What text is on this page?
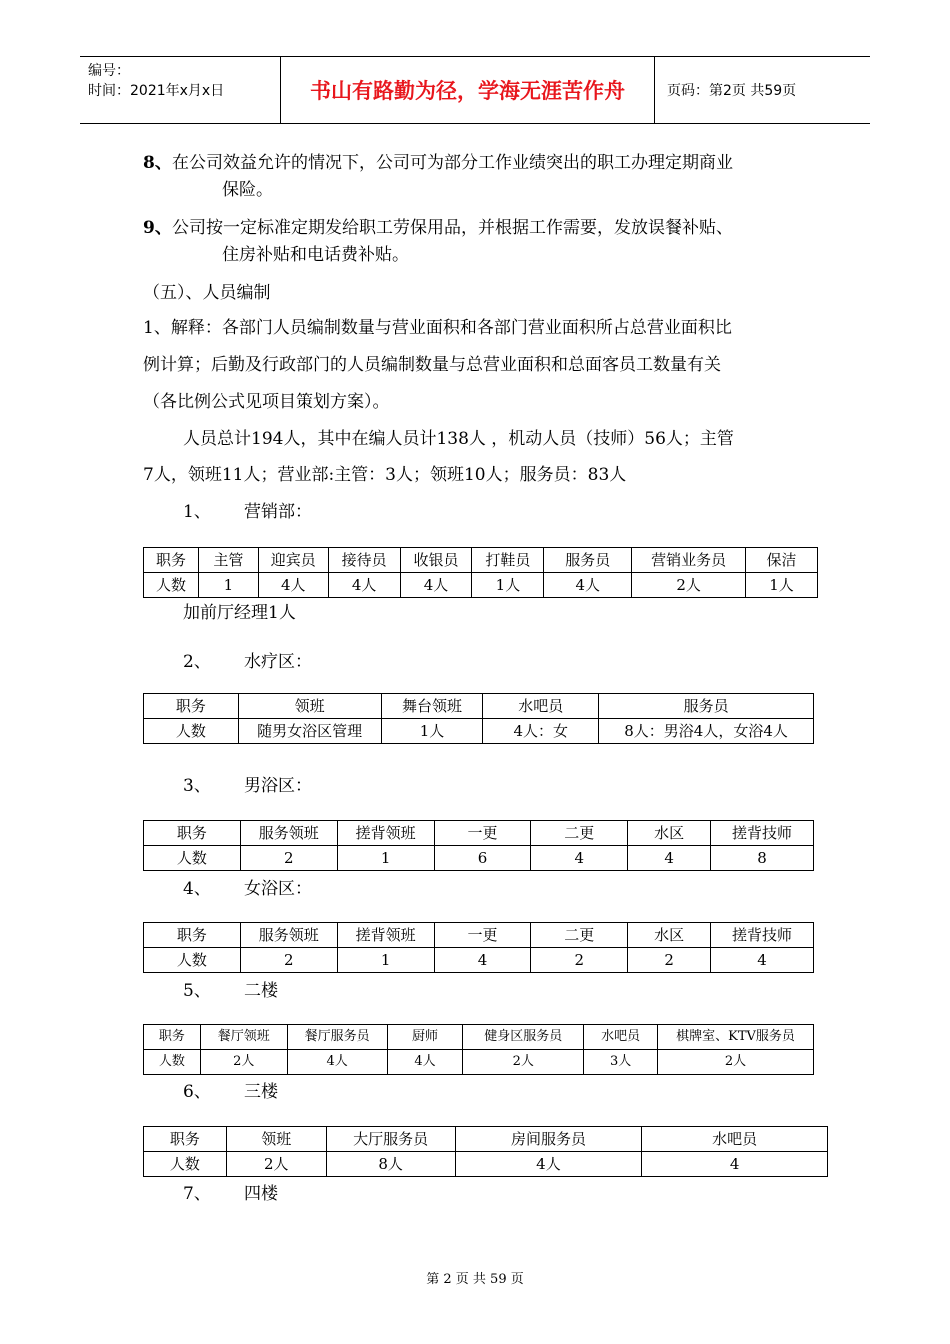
编号：
时间：2021年x月x日	书山有路勤为径，学海无涯苦作舟	页码：第2页 共59页
8、 在公司效益允许的情况下，公司可为部分工作业绩突出的职工办理定期商业
保险。
9、 公司按一定标准定期发给职工劳保用品，并根据工作需要，发放误餐补贴、
住房补贴和电话费补贴。
（五）、人员编制
1、解释：各部门人员编制数量与营业面积和各部门营业面积所占总营业面积比
例计算；后勤及行政部门的人员编制数量与总营业面积和总面客员工数量有关
（各比例公式见项目策划方案）。
人员总计194人，其中在编人员计138人 ，机动人员（技师）56人；主管
7人，领班11人；营业部:主管：3人；领班10人；服务员：83人
1、 营销部：
职务	主管	迎宾员	接待员	收银员	打鞋员	服务员	营销业务员	保洁
人数	1	4人	4人	4人	1人	4人	2人	1人
加前厅经理1人
2、 水疗区：
职务	领班	舞台领班	水吧员	服务员
人数	随男女浴区管理	1人	4人：女	8人：男浴4人，女浴4人
3、 男浴区：
职务	服务领班	搓背领班	一更	二更	水区	搓背技师
人数	2	1	6	4	4	8
4、 女浴区：
职务	服务领班	搓背领班	一更	二更	水区	搓背技师
人数	2	1	4	2	2	4
5、 二楼
职务	餐厅领班	餐厅服务员	厨师	健身区服务员	水吧员	棋牌室、KTV服务员
人数	2人	4人	4人	2人	3人	2人
6、 三楼
职务	领班	大厅服务员	房间服务员	水吧员
人数	2人	8人	4人	4
7、 四楼
第 2 页 共 59 页
